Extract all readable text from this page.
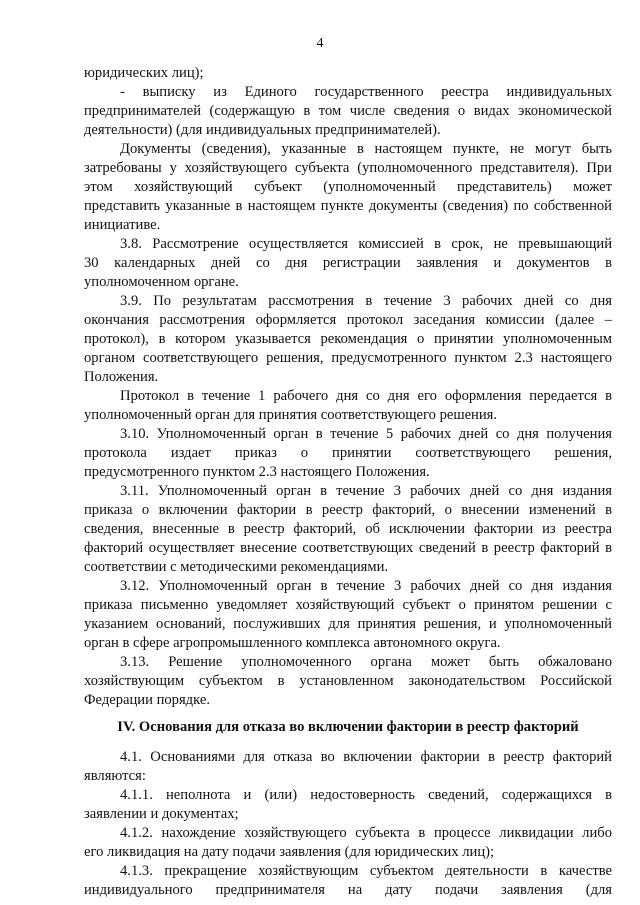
4
юридических лиц);
- выписку из Единого государственного реестра индивидуальных
предпринимателей (содержащую в том числе сведения о видах экономической
деятельности) (для индивидуальных предпринимателей).
Документы (сведения), указанные в настоящем пункте, не могут быть
затребованы у хозяйствующего субъекта (уполномоченного представителя). При
этом хозяйствующий субъект (уполномоченный представитель) может
представить указанные в настоящем пункте документы (сведения) по собственной
инициативе.
3.8. Рассмотрение осуществляется комиссией в срок, не превышающий
30 календарных дней со дня регистрации заявления и документов в
уполномоченном органе.
3.9. По результатам рассмотрения в течение 3 рабочих дней со дня
окончания рассмотрения оформляется протокол заседания комиссии (далее –
протокол), в котором указывается рекомендация о принятии уполномоченным
органом соответствующего решения, предусмотренного пунктом 2.3 настоящего
Положения.
Протокол в течение 1 рабочего дня со дня его оформления передается в
уполномоченный орган для принятия соответствующего решения.
3.10. Уполномоченный орган в течение 5 рабочих дней со дня получения
протокола издает приказ о принятии соответствующего решения,
предусмотренного пунктом 2.3 настоящего Положения.
3.11. Уполномоченный орган в течение 3 рабочих дней со дня издания
приказа о включении фактории в реестр факторий, о внесении изменений в
сведения, внесенные в реестр факторий, об исключении фактории из реестра
факторий осуществляет внесение соответствующих сведений в реестр факторий в
соответствии с методическими рекомендациями.
3.12. Уполномоченный орган в течение 3 рабочих дней со дня издания
приказа письменно уведомляет хозяйствующий субъект о принятом решении с
указанием оснований, послуживших для принятия решения, и уполномоченный
орган в сфере агропромышленного комплекса автономного округа.
3.13. Решение уполномоченного органа может быть обжаловано
хозяйствующим субъектом в установленном законодательством Российской
Федерации порядке.
IV. Основания для отказа во включении фактории в реестр факторий
4.1. Основаниями для отказа во включении фактории в реестр факторий
являются:
4.1.1. неполнота и (или) недостоверность сведений, содержащихся в
заявлении и документах;
4.1.2. нахождение хозяйствующего субъекта в процессе ликвидации либо
его ликвидация на дату подачи заявления (для юридических лиц);
4.1.3. прекращение хозяйствующим субъектом деятельности в качестве
индивидуального предпринимателя на дату подачи заявления (для
